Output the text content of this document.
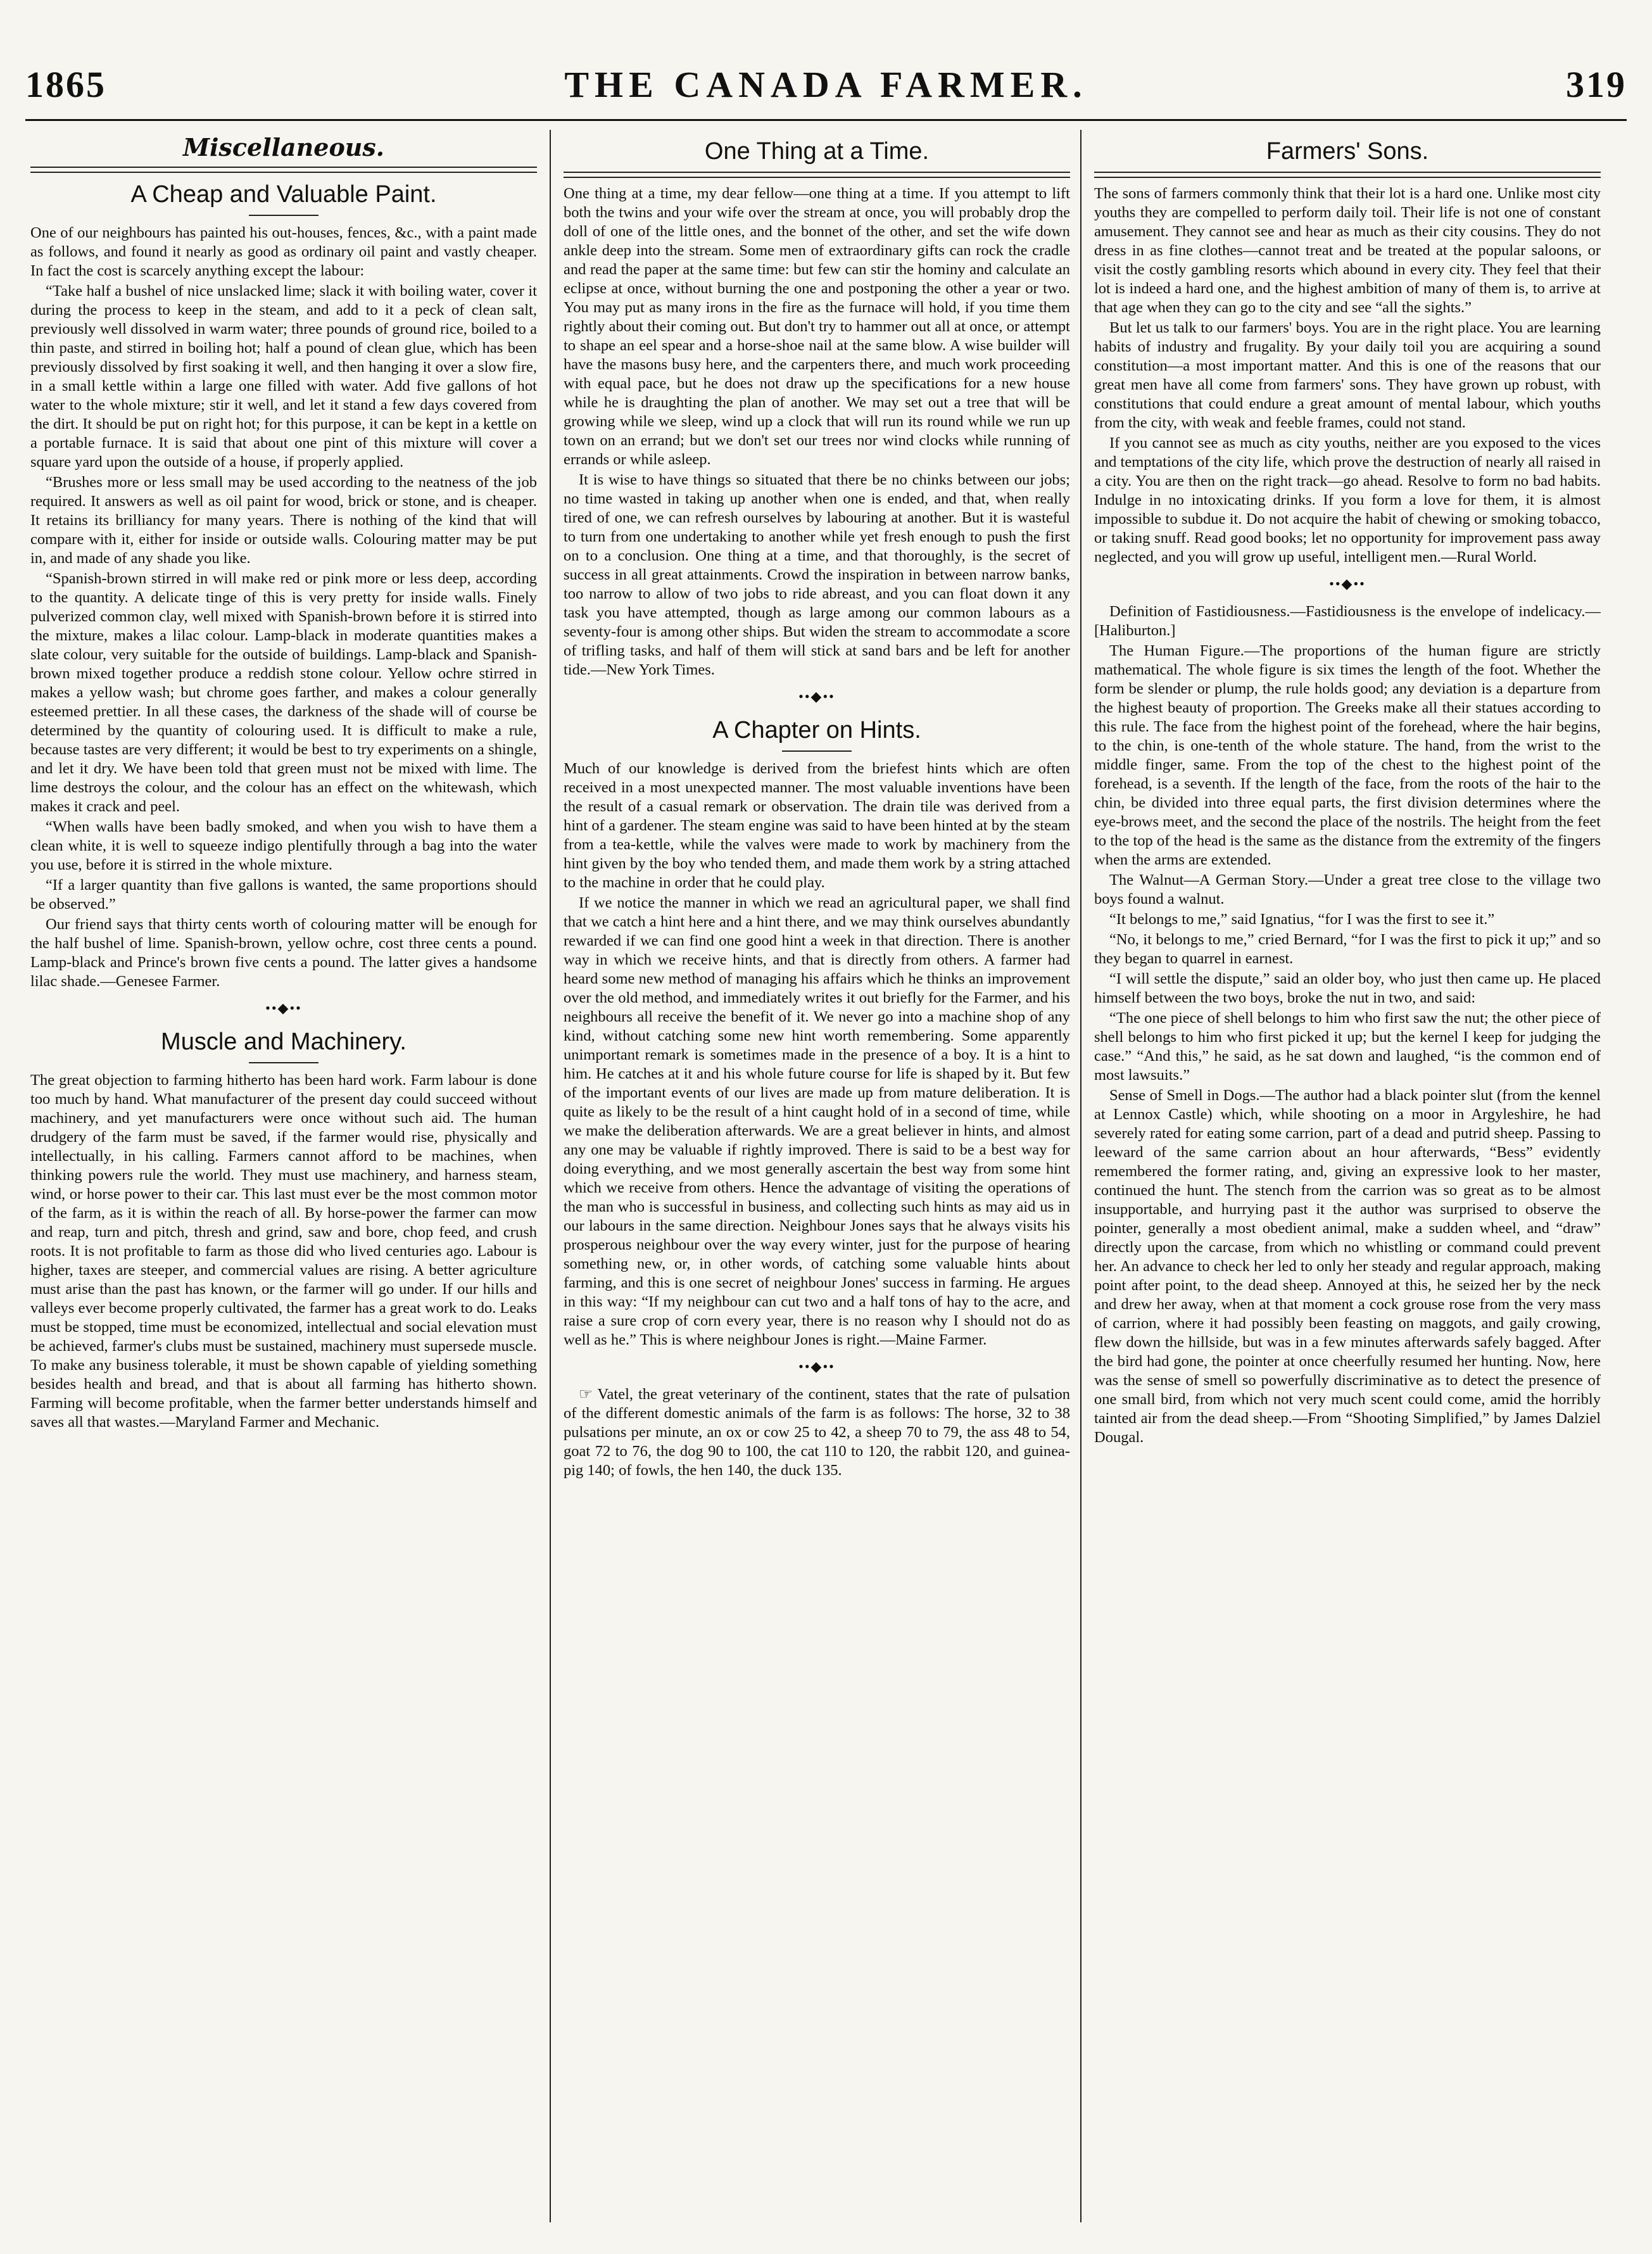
1865	THE CANADA FARMER.	319
Miscellaneous.
A Cheap and Valuable Paint.

One of our neighbours has painted his out-houses, fences, &c., with a paint made as follows, and found it nearly as good as ordinary oil paint and vastly cheaper. In fact the cost is scarcely anything except the labour:

“Take half a bushel of nice unslacked lime; slack it with boiling water, cover it during the process to keep in the steam, and add to it a peck of clean salt, previously well dissolved in warm water; three pounds of ground rice, boiled to a thin paste, and stirred in boiling hot; half a pound of clean glue, which has been previously dissolved by first soaking it well, and then hanging it over a slow fire, in a small kettle within a large one filled with water. Add five gallons of hot water to the whole mixture; stir it well, and let it stand a few days covered from the dirt. It should be put on right hot; for this purpose, it can be kept in a kettle on a portable furnace. It is said that about one pint of this mixture will cover a square yard upon the outside of a house, if properly applied.

“Brushes more or less small may be used according to the neatness of the job required. It answers as well as oil paint for wood, brick or stone, and is cheaper. It retains its brilliancy for many years. There is nothing of the kind that will compare with it, either for inside or outside walls. Colouring matter may be put in, and made of any shade you like.

“Spanish-brown stirred in will make red or pink more or less deep, according to the quantity. A delicate tinge of this is very pretty for inside walls. Finely pulverized common clay, well mixed with Spanish-brown before it is stirred into the mixture, makes a lilac colour. Lamp-black in moderate quantities makes a slate colour, very suitable for the outside of buildings. Lamp-black and Spanish-brown mixed together produce a reddish stone colour. Yellow ochre stirred in makes a yellow wash; but chrome goes farther, and makes a colour generally esteemed prettier. In all these cases, the darkness of the shade will of course be determined by the quantity of colouring used. It is difficult to make a rule, because tastes are very different; it would be best to try experiments on a shingle, and let it dry. We have been told that green must not be mixed with lime. The lime destroys the colour, and the colour has an effect on the whitewash, which makes it crack and peel.

“When walls have been badly smoked, and when you wish to have them a clean white, it is well to squeeze indigo plentifully through a bag into the water you use, before it is stirred in the whole mixture.

“If a larger quantity than five gallons is wanted, the same proportions should be observed.”

Our friend says that thirty cents worth of colouring matter will be enough for the half bushel of lime. Spanish-brown, yellow ochre, cost three cents a pound. Lamp-black and Prince's brown five cents a pound. The latter gives a handsome lilac shade.—Genesee Farmer.

••◆••
Muscle and Machinery.

The great objection to farming hitherto has been hard work. Farm labour is done too much by hand. What manufacturer of the present day could succeed without machinery, and yet manufacturers were once without such aid. The human drudgery of the farm must be saved, if the farmer would rise, physically and intellectually, in his calling. Farmers cannot afford to be machines, when thinking powers rule the world. They must use machinery, and harness steam, wind, or horse power to their car. This last must ever be the most common motor of the farm, as it is within the reach of all. By horse-power the farmer can mow and reap, turn and pitch, thresh and grind, saw and bore, chop feed, and crush roots. It is not profitable to farm as those did who lived centuries ago. Labour is higher, taxes are steeper, and commercial values are rising. A better agriculture must arise than the past has known, or the farmer will go under. If our hills and valleys ever become properly cultivated, the farmer has a great work to do. Leaks must be stopped, time must be economized, intellectual and social elevation must be achieved, farmer's clubs must be sustained, machinery must supersede muscle. To make any business tolerable, it must be shown capable of yielding something besides health and bread, and that is about all farming has hitherto shown. Farming will become profitable, when the farmer better understands himself and saves all that wastes.—Maryland Farmer and Mechanic.

One Thing at a Time.

One thing at a time, my dear fellow—one thing at a time. If you attempt to lift both the twins and your wife over the stream at once, you will probably drop the doll of one of the little ones, and the bonnet of the other, and set the wife down ankle deep into the stream. Some men of extraordinary gifts can rock the cradle and read the paper at the same time: but few can stir the hominy and calculate an eclipse at once, without burning the one and postponing the other a year or two. You may put as many irons in the fire as the furnace will hold, if you time them rightly about their coming out. But don't try to hammer out all at once, or attempt to shape an eel spear and a horse-shoe nail at the same blow. A wise builder will have the masons busy here, and the carpenters there, and much work proceeding with equal pace, but he does not draw up the specifications for a new house while he is draughting the plan of another. We may set out a tree that will be growing while we sleep, wind up a clock that will run its round while we run up town on an errand; but we don't set our trees nor wind clocks while running of errands or while asleep.

It is wise to have things so situated that there be no chinks between our jobs; no time wasted in taking up another when one is ended, and that, when really tired of one, we can refresh ourselves by labouring at another. But it is wasteful to turn from one undertaking to another while yet fresh enough to push the first on to a conclusion. One thing at a time, and that thoroughly, is the secret of success in all great attainments. Crowd the inspiration in between narrow banks, too narrow to allow of two jobs to ride abreast, and you can float down it any task you have attempted, though as large among our common labours as a seventy-four is among other ships. But widen the stream to accommodate a score of trifling tasks, and half of them will stick at sand bars and be left for another tide.—New York Times.

••◆••
A Chapter on Hints.

Much of our knowledge is derived from the briefest hints which are often received in a most unexpected manner. The most valuable inventions have been the result of a casual remark or observation. The drain tile was derived from a hint of a gardener. The steam engine was said to have been hinted at by the steam from a tea-kettle, while the valves were made to work by machinery from the hint given by the boy who tended them, and made them work by a string attached to the machine in order that he could play.

If we notice the manner in which we read an agricultural paper, we shall find that we catch a hint here and a hint there, and we may think ourselves abundantly rewarded if we can find one good hint a week in that direction. There is another way in which we receive hints, and that is directly from others. A farmer had heard some new method of managing his affairs which he thinks an improvement over the old method, and immediately writes it out briefly for the Farmer, and his neighbours all receive the benefit of it. We never go into a machine shop of any kind, without catching some new hint worth remembering. Some apparently unimportant remark is sometimes made in the presence of a boy. It is a hint to him. He catches at it and his whole future course for life is shaped by it. But few of the important events of our lives are made up from mature deliberation. It is quite as likely to be the result of a hint caught hold of in a second of time, while we make the deliberation afterwards. We are a great believer in hints, and almost any one may be valuable if rightly improved. There is said to be a best way for doing everything, and we most generally ascertain the best way from some hint which we receive from others. Hence the advantage of visiting the operations of the man who is successful in business, and collecting such hints as may aid us in our labours in the same direction. Neighbour Jones says that he always visits his prosperous neighbour over the way every winter, just for the purpose of hearing something new, or, in other words, of catching some valuable hints about farming, and this is one secret of neighbour Jones' success in farming. He argues in this way: “If my neighbour can cut two and a half tons of hay to the acre, and raise a sure crop of corn every year, there is no reason why I should not do as well as he.” This is where neighbour Jones is right.—Maine Farmer.

••◆••

☞ Vatel, the great veterinary of the continent, states that the rate of pulsation of the different domestic animals of the farm is as follows: The horse, 32 to 38 pulsations per minute, an ox or cow 25 to 42, a sheep 70 to 79, the ass 48 to 54, goat 72 to 76, the dog 90 to 100, the cat 110 to 120, the rabbit 120, and guinea-pig 140; of fowls, the hen 140, the duck 135.

Farmers' Sons.

The sons of farmers commonly think that their lot is a hard one. Unlike most city youths they are compelled to perform daily toil. Their life is not one of constant amusement. They cannot see and hear as much as their city cousins. They do not dress in as fine clothes—cannot treat and be treated at the popular saloons, or visit the costly gambling resorts which abound in every city. They feel that their lot is indeed a hard one, and the highest ambition of many of them is, to arrive at that age when they can go to the city and see “all the sights.”

But let us talk to our farmers' boys. You are in the right place. You are learning habits of industry and frugality. By your daily toil you are acquiring a sound constitution—a most important matter. And this is one of the reasons that our great men have all come from farmers' sons. They have grown up robust, with constitutions that could endure a great amount of mental labour, which youths from the city, with weak and feeble frames, could not stand.

If you cannot see as much as city youths, neither are you exposed to the vices and temptations of the city life, which prove the destruction of nearly all raised in a city. You are then on the right track—go ahead. Resolve to form no bad habits. Indulge in no intoxicating drinks. If you form a love for them, it is almost impossible to subdue it. Do not acquire the habit of chewing or smoking tobacco, or taking snuff. Read good books; let no opportunity for improvement pass away neglected, and you will grow up useful, intelligent men.—Rural World.

••◆••

Definition of Fastidiousness.—Fastidiousness is the envelope of indelicacy.—[Haliburton.]

The Human Figure.—The proportions of the human figure are strictly mathematical. The whole figure is six times the length of the foot. Whether the form be slender or plump, the rule holds good; any deviation is a departure from the highest beauty of proportion. The Greeks make all their statues according to this rule. The face from the highest point of the forehead, where the hair begins, to the chin, is one-tenth of the whole stature. The hand, from the wrist to the middle finger, same. From the top of the chest to the highest point of the forehead, is a seventh. If the length of the face, from the roots of the hair to the chin, be divided into three equal parts, the first division determines where the eye-brows meet, and the second the place of the nostrils. The height from the feet to the top of the head is the same as the distance from the extremity of the fingers when the arms are extended.

The Walnut—A German Story.—Under a great tree close to the village two boys found a walnut.

“It belongs to me,” said Ignatius, “for I was the first to see it.”

“No, it belongs to me,” cried Bernard, “for I was the first to pick it up;” and so they began to quarrel in earnest.

“I will settle the dispute,” said an older boy, who just then came up. He placed himself between the two boys, broke the nut in two, and said:

“The one piece of shell belongs to him who first saw the nut; the other piece of shell belongs to him who first picked it up; but the kernel I keep for judging the case.” “And this,” he said, as he sat down and laughed, “is the common end of most lawsuits.”

Sense of Smell in Dogs.—The author had a black pointer slut (from the kennel at Lennox Castle) which, while shooting on a moor in Argyleshire, he had severely rated for eating some carrion, part of a dead and putrid sheep. Passing to leeward of the same carrion about an hour afterwards, “Bess” evidently remembered the former rating, and, giving an expressive look to her master, continued the hunt. The stench from the carrion was so great as to be almost insupportable, and hurrying past it the author was surprised to observe the pointer, generally a most obedient animal, make a sudden wheel, and “draw” directly upon the carcase, from which no whistling or command could prevent her. An advance to check her led to only her steady and regular approach, making point after point, to the dead sheep. Annoyed at this, he seized her by the neck and drew her away, when at that moment a cock grouse rose from the very mass of carrion, where it had possibly been feasting on maggots, and gaily crowing, flew down the hillside, but was in a few minutes afterwards safely bagged. After the bird had gone, the pointer at once cheerfully resumed her hunting. Now, here was the sense of smell so powerfully discriminative as to detect the presence of one small bird, from which not very much scent could come, amid the horribly tainted air from the dead sheep.—From “Shooting Simplified,” by James Dalziel Dougal.
